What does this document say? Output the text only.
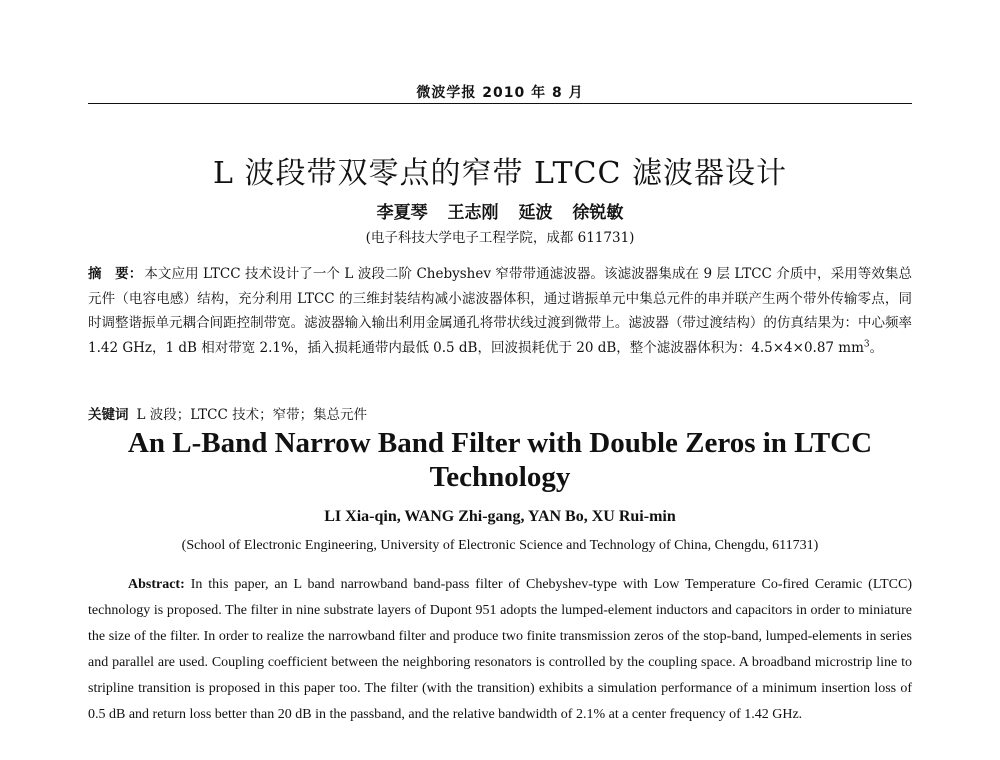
微波学报 2010 年 8 月
L 波段带双零点的窄带 LTCC 滤波器设计
李夏琴 王志刚 延波 徐锐敏
(电子科技大学电子工程学院，成都 611731)
摘　要： 本文应用 LTCC 技术设计了一个 L 波段二阶 Chebyshev 窄带带通滤波器。该滤波器集成在 9 层 LTCC 介质中，采用等效集总元件（电容电感）结构，充分利用 LTCC 的三维封装结构减小滤波器体积，通过谐振单元中集总元件的串并联产生两个带外传输零点，同时调整谐振单元耦合间距控制带宽。滤波器输入输出利用金属通孔将带状线过渡到微带上。滤波器（带过渡结构）的仿真结果为：中心频率 1.42 GHz，1 dB 相对带宽 2.1%，插入损耗通带内最低 0.5 dB，回波损耗优于 20 dB，整个滤波器体积为：4.5×4×0.87 $mm^3$。
关键词 L 波段；LTCC 技术；窄带；集总元件
An L-Band Narrow Band Filter with Double Zeros in LTCC Technology
LI Xia-qin, WANG Zhi-gang, YAN Bo, XU Rui-min
(School of Electronic Engineering, University of Electronic Science and Technology of China, Chengdu, 611731)
Abstract: In this paper, an L band narrowband band-pass filter of Chebyshev-type with Low Temperature Co-fired Ceramic (LTCC) technology is proposed. The filter in nine substrate layers of Dupont 951 adopts the lumped-element inductors and capacitors in order to miniature the size of the filter. In order to realize the narrowband filter and produce two finite transmission zeros of the stop-band, lumped-elements in series and parallel are used. Coupling coefficient between the neighboring resonators is controlled by the coupling space. A broadband microstrip line to stripline transition is proposed in this paper too. The filter (with the transition) exhibits a simulation performance of a minimum insertion loss of 0.5 dB and return loss better than 20 dB in the passband, and the relative bandwidth of 2.1% at a center frequency of 1.42 GHz.
